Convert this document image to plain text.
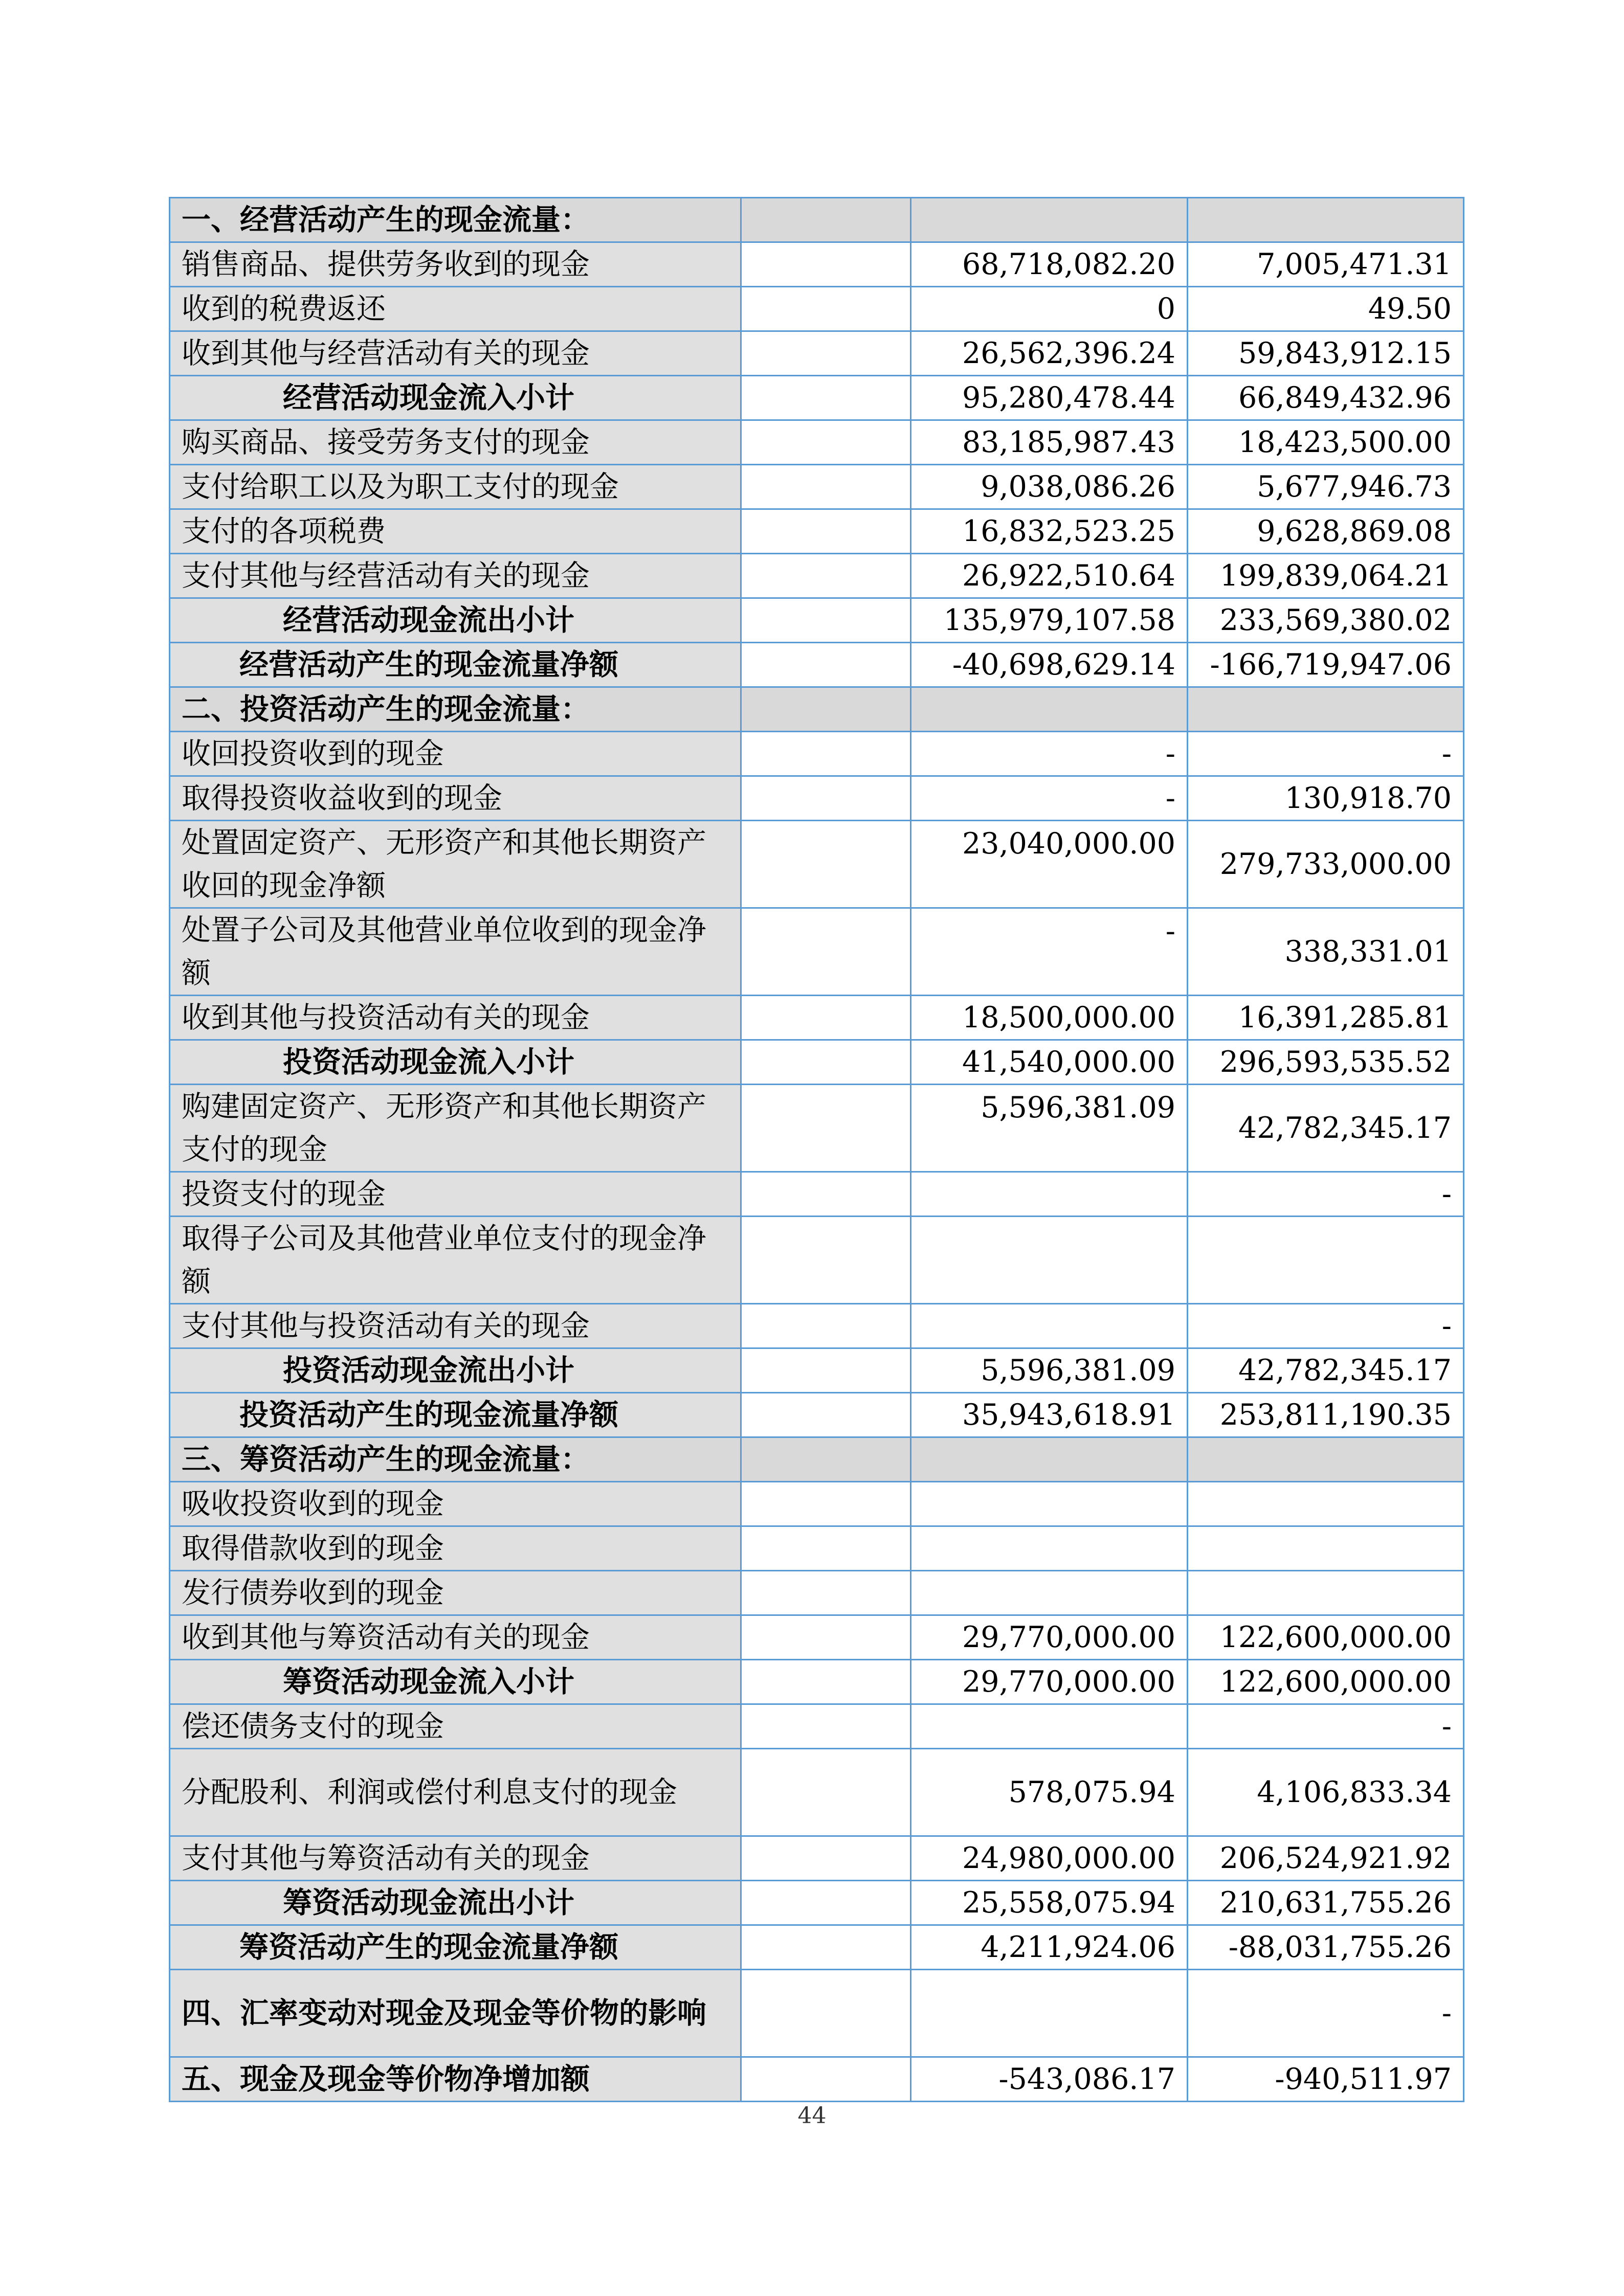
一、经营活动产生的现金流量：			
销售商品、提供劳务收到的现金		68,718,082.20	7,005,471.31
收到的税费返还		0	49.50
收到其他与经营活动有关的现金		26,562,396.24	59,843,912.15
经营活动现金流入小计		95,280,478.44	66,849,432.96
购买商品、接受劳务支付的现金		83,185,987.43	18,423,500.00
支付给职工以及为职工支付的现金		9,038,086.26	5,677,946.73
支付的各项税费		16,832,523.25	9,628,869.08
支付其他与经营活动有关的现金		26,922,510.64	199,839,064.21
经营活动现金流出小计		135,979,107.58	233,569,380.02
经营活动产生的现金流量净额		-40,698,629.14	-166,719,947.06
二、投资活动产生的现金流量：			
收回投资收到的现金		-	-
取得投资收益收到的现金		-	130,918.70
处置固定资产、无形资产和其他长期资产收回的现金净额		23,040,000.00	279,733,000.00
处置子公司及其他营业单位收到的现金净额		-	338,331.01
收到其他与投资活动有关的现金		18,500,000.00	16,391,285.81
投资活动现金流入小计		41,540,000.00	296,593,535.52
购建固定资产、无形资产和其他长期资产支付的现金		5,596,381.09	42,782,345.17
投资支付的现金			-
取得子公司及其他营业单位支付的现金净额			
支付其他与投资活动有关的现金			-
投资活动现金流出小计		5,596,381.09	42,782,345.17
投资活动产生的现金流量净额		35,943,618.91	253,811,190.35
三、筹资活动产生的现金流量：			
吸收投资收到的现金			
取得借款收到的现金			
发行债券收到的现金			
收到其他与筹资活动有关的现金		29,770,000.00	122,600,000.00
筹资活动现金流入小计		29,770,000.00	122,600,000.00
偿还债务支付的现金			-
分配股利、利润或偿付利息支付的现金		578,075.94	4,106,833.34
支付其他与筹资活动有关的现金		24,980,000.00	206,524,921.92
筹资活动现金流出小计		25,558,075.94	210,631,755.26
筹资活动产生的现金流量净额		4,211,924.06	-88,031,755.26
四、汇率变动对现金及现金等价物的影响			-
五、现金及现金等价物净增加额		-543,086.17	-940,511.97
44
